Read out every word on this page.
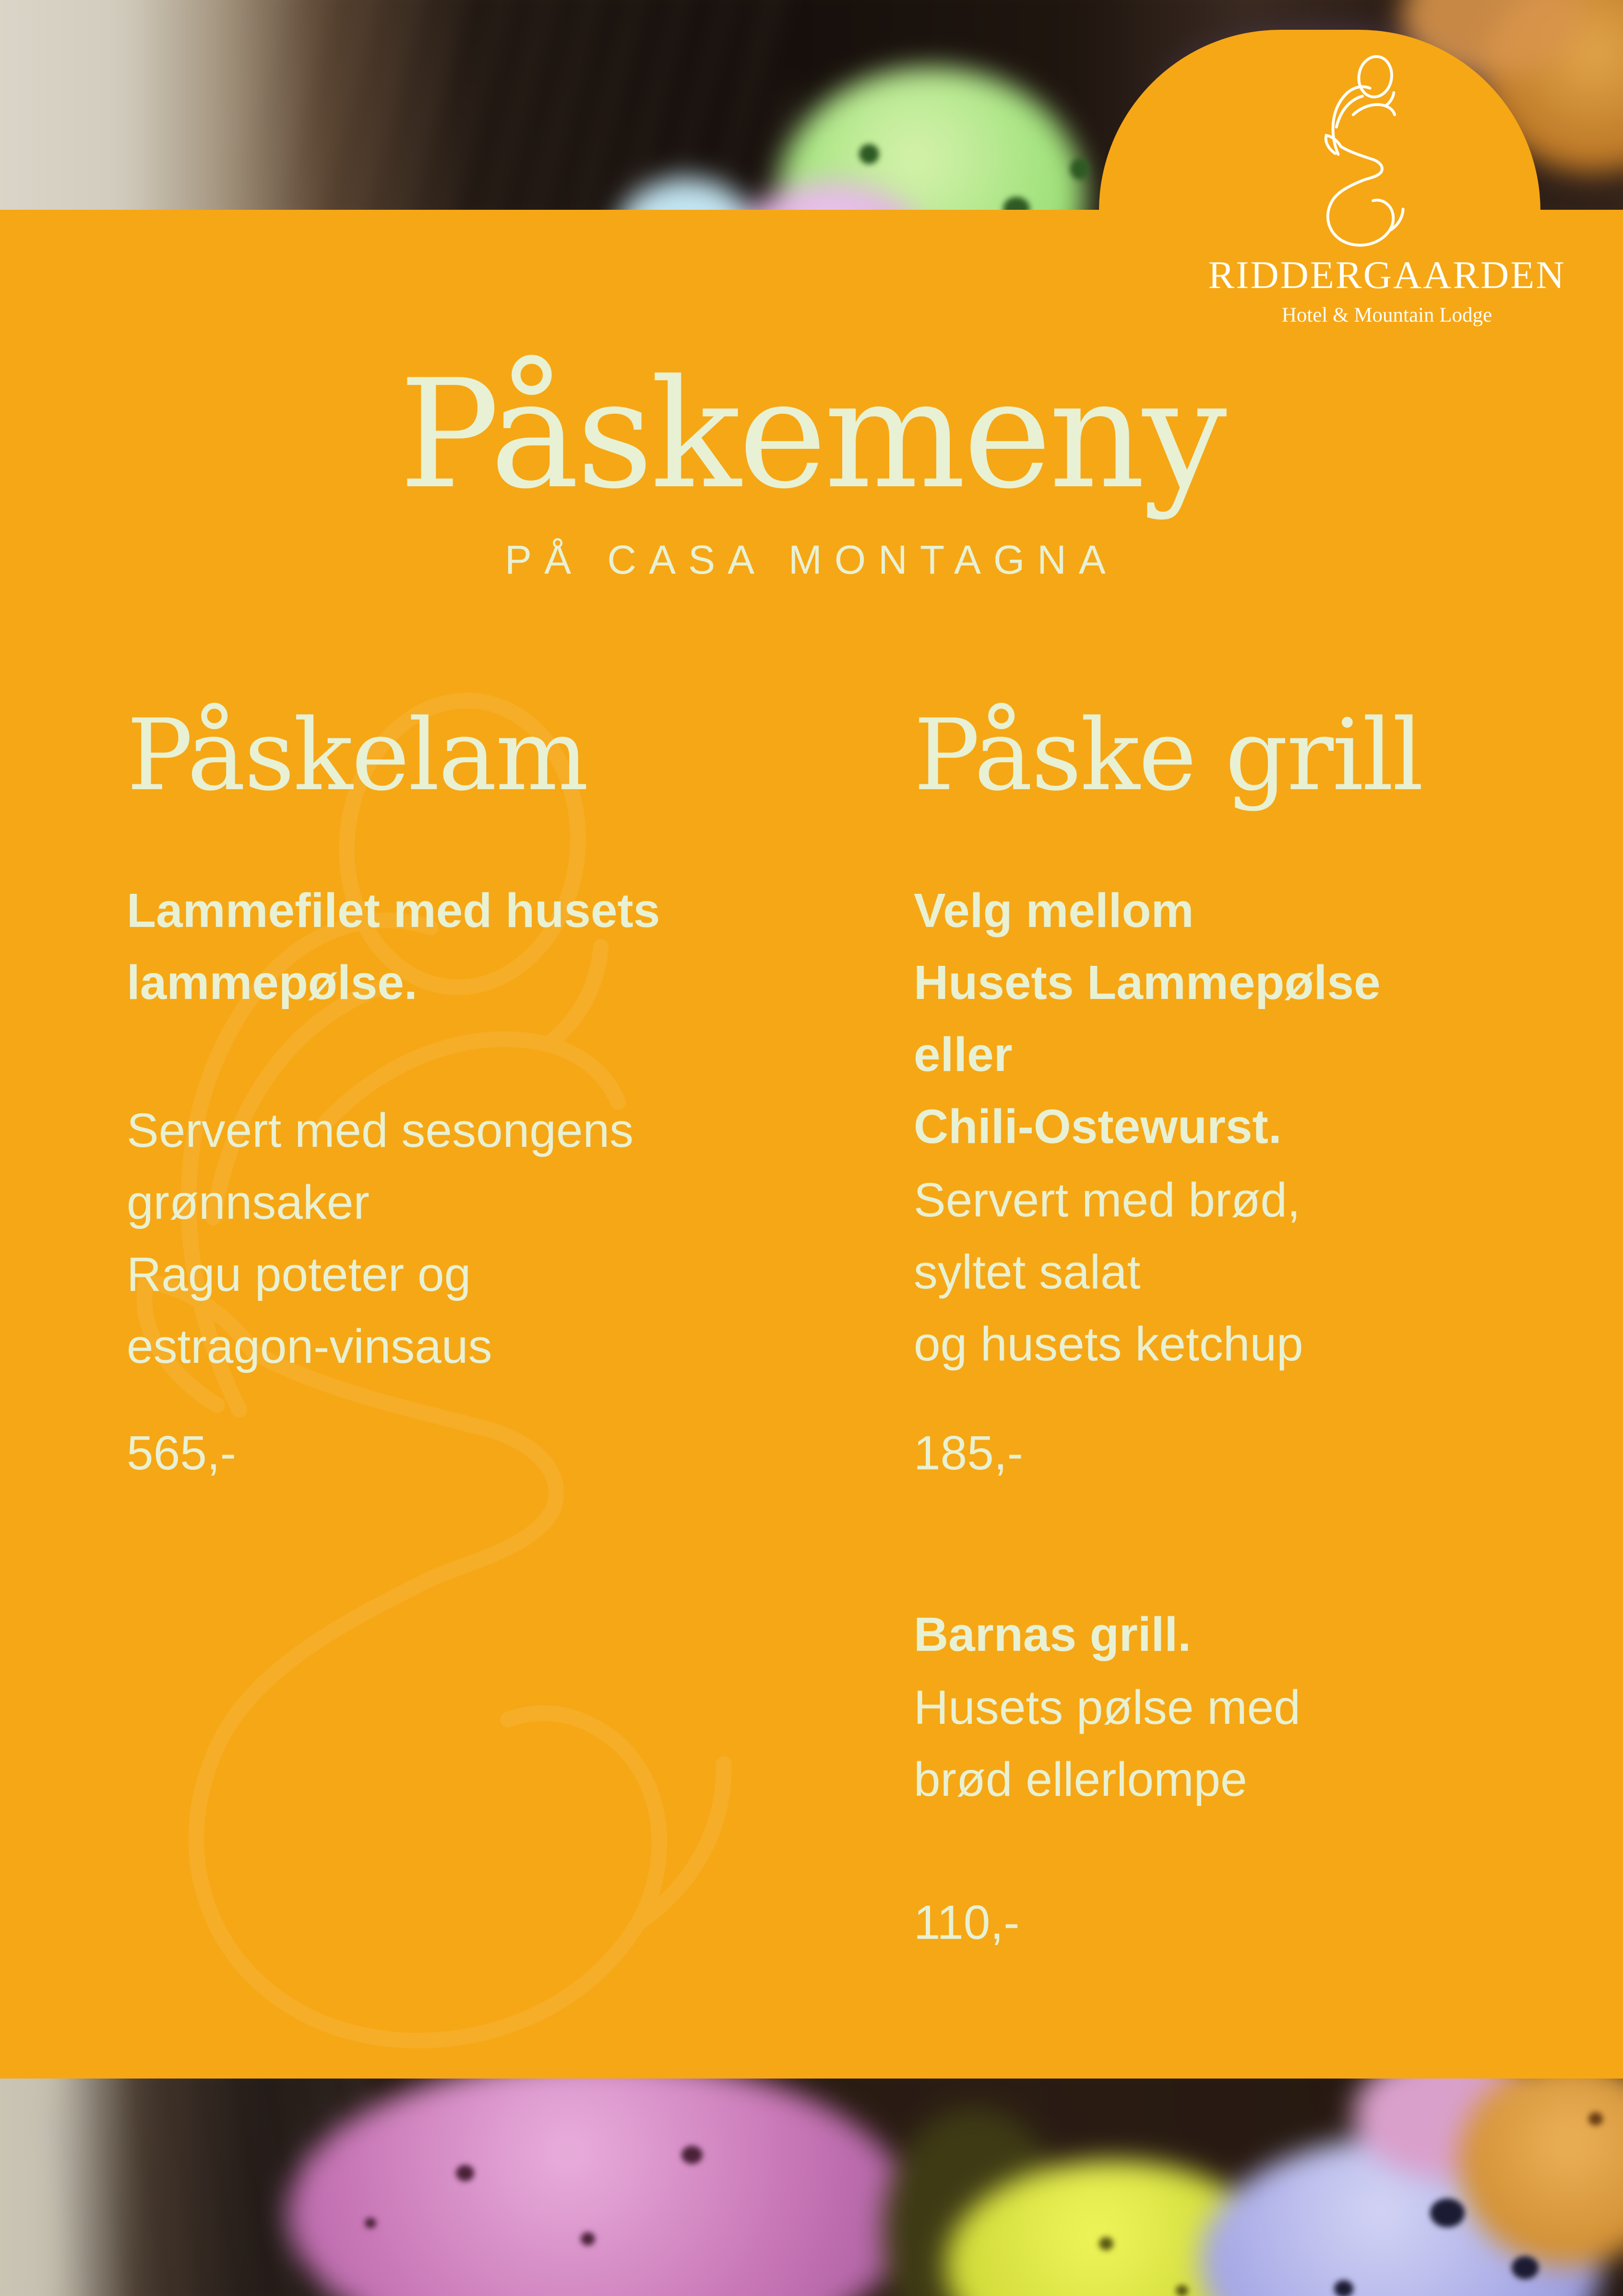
RIDDERGAARDEN
Hotel & Mountain Lodge
Påskemeny
PÅ CASA MONTAGNA
Påskelam
Lammefilet med husets
lammepølse.
Servert med sesongens
grønnsaker
Ragu poteter og
estragon-vinsaus
565,-
Påske grill
Velg mellom
Husets Lammepølse
eller
Chili-Ostewurst.
Servert med brød,
syltet salat
og husets ketchup
185,-
Barnas grill.
Husets pølse med
brød ellerlompe
110,-
